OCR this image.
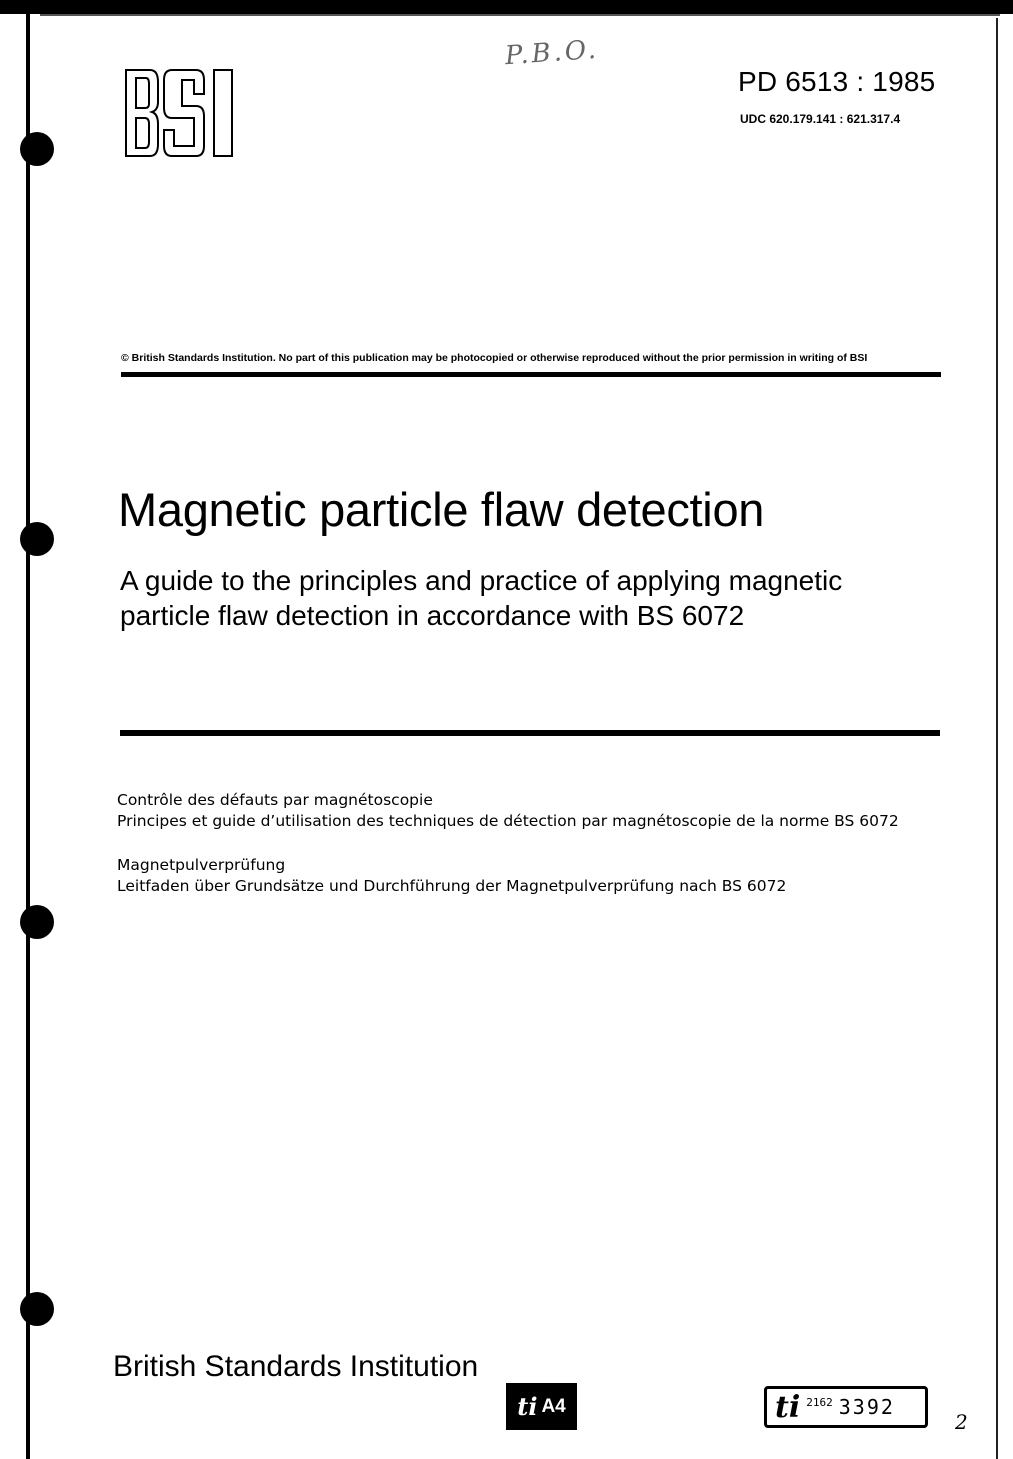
P.B.O.
PD 6513 : 1985
UDC 620.179.141 : 621.317.4
© British Standards Institution. No part of this publication may be photocopied or otherwise reproduced without the prior permission in writing of BSI
Magnetic particle flaw detection

A guide to the principles and practice of applying magnetic particle flaw detection in accordance with BS 6072

Contrôle des défauts par magnétoscopie
Principes et guide d’utilisation des techniques de détection par magnétoscopie de la norme BS 6072
Magnetpulverprüfung
Leitfaden über Grundsätze und Durchführung der Magnetpulverprüfung nach BS 6072
British Standards Institution
ti A4	ti 2162 3392
2
